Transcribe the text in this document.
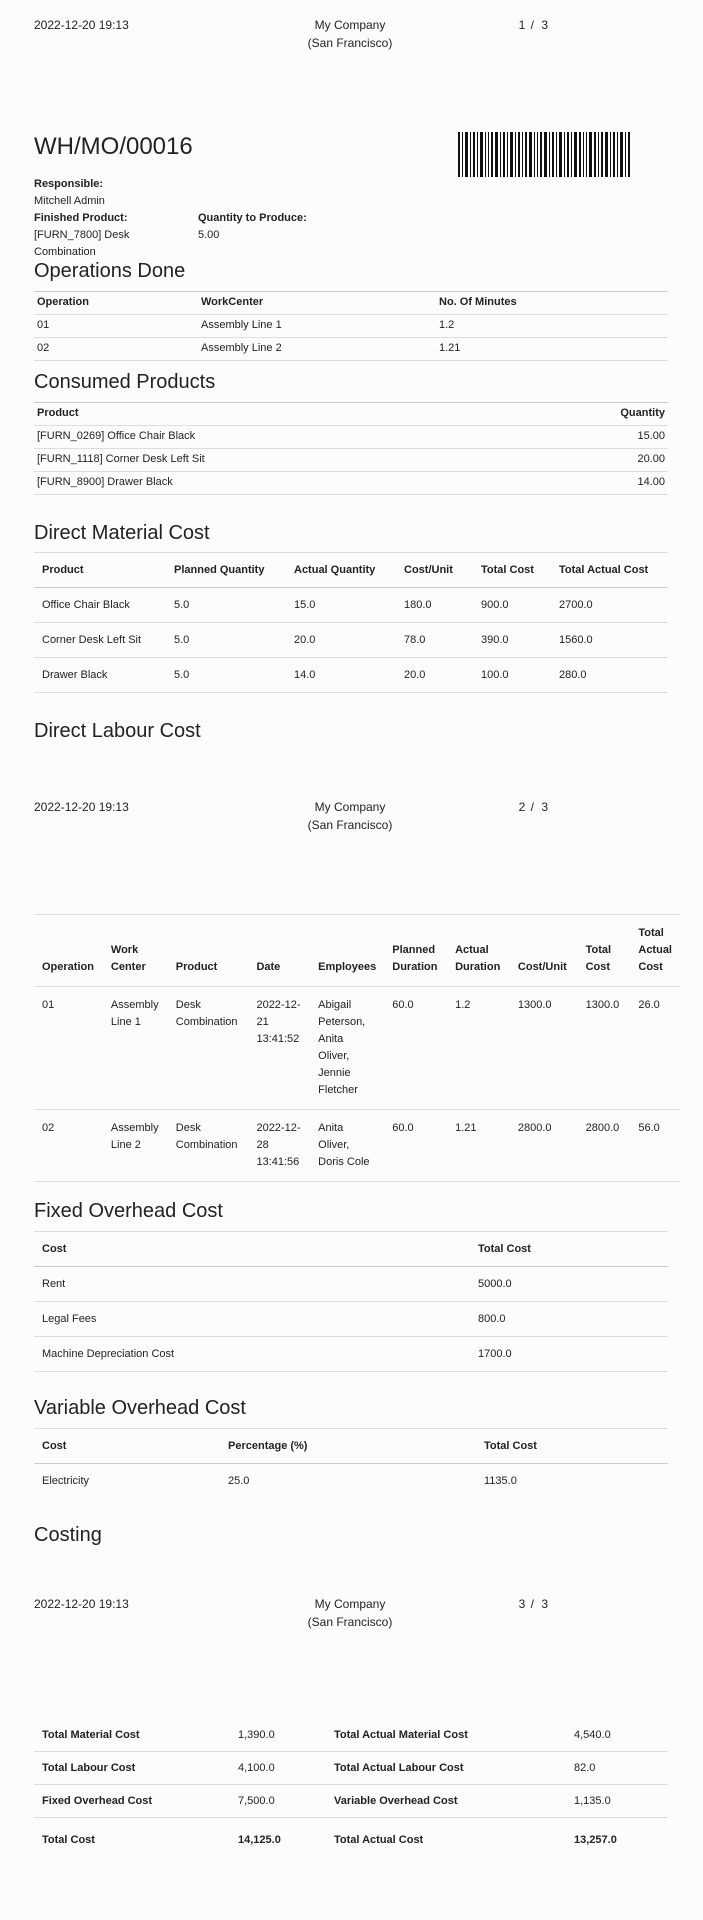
2022-12-20 19:13	My Company
(San Francisco)
1 / 3
WH/MO/00016
Responsible:
Mitchell Admin
Finished Product:
[FURN_7800] Desk
Combination
Quantity to Produce:
5.00
Operations Done
Operation	WorkCenter	No. Of Minutes
01	Assembly Line 1	1.2
02	Assembly Line 2	1.21
Consumed Products
Product	Quantity
[FURN_0269] Office Chair Black	15.00
[FURN_1118] Corner Desk Left Sit	20.00
[FURN_8900] Drawer Black	14.00
Direct Material Cost
Product	Planned Quantity	Actual Quantity	Cost/Unit	Total Cost	Total Actual Cost
Office Chair Black	5.0	15.0	180.0	900.0	2700.0
Corner Desk Left Sit	5.0	20.0	78.0	390.0	1560.0
Drawer Black	5.0	14.0	20.0	100.0	280.0
Direct Labour Cost
2022-12-20 19:13	My Company
(San Francisco)
2 / 3
Operation	Work Center	Product	Date	Employees	Planned Duration	Actual Duration	Cost/Unit	Total Cost	Total Actual Cost
01	Assembly Line 1	Desk Combination	2022-12-21 13:41:52	Abigail Peterson, Anita Oliver, Jennie Fletcher	60.0	1.2	1300.0	1300.0	26.0
02	Assembly Line 2	Desk Combination	2022-12-28 13:41:56	Anita Oliver, Doris Cole	60.0	1.21	2800.0	2800.0	56.0
Fixed Overhead Cost
Cost	Total Cost
Rent	5000.0
Legal Fees	800.0
Machine Depreciation Cost	1700.0
Variable Overhead Cost
Cost	Percentage (%)	Total Cost
Electricity	25.0	1135.0
Costing
2022-12-20 19:13	My Company
(San Francisco)
3 / 3
Total Material Cost	1,390.0	Total Actual Material Cost	4,540.0
Total Labour Cost	4,100.0	Total Actual Labour Cost	82.0
Fixed Overhead Cost	7,500.0	Variable Overhead Cost	1,135.0
Total Cost	14,125.0	Total Actual Cost	13,257.0
